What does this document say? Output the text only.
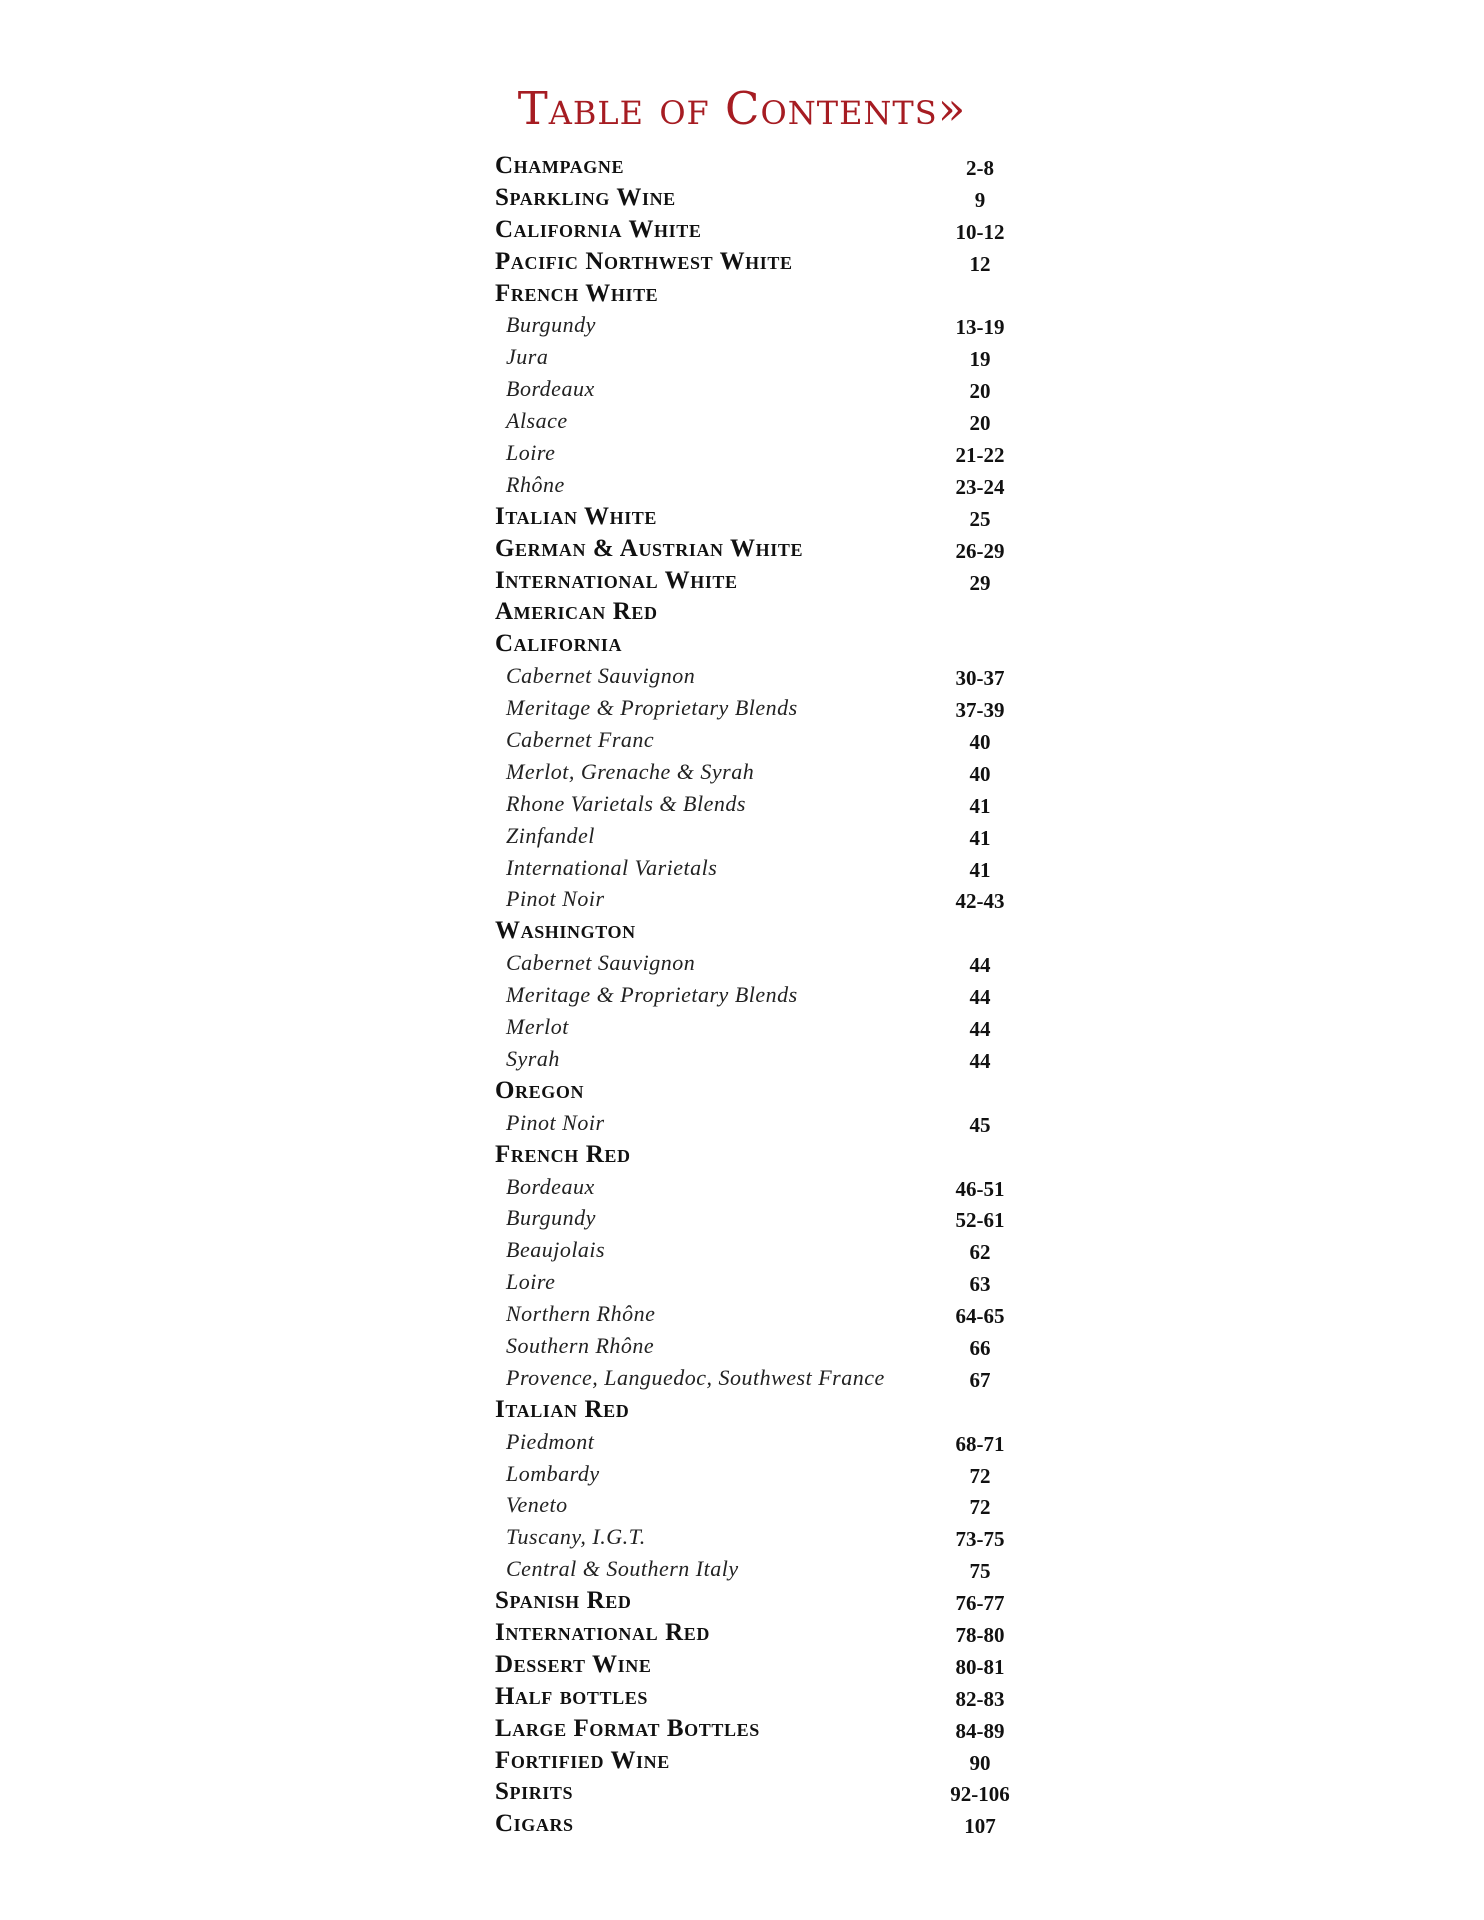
Table of Contents»
Champagne	2-8
Sparkling Wine	9
California White	10-12
Pacific Northwest White	12
French White
Burgundy	13-19
Jura	19
Bordeaux	20
Alsace	20
Loire	21-22
Rhône	23-24
Italian White	25
German & Austrian White	26-29
International White	29
American Red
California
Cabernet Sauvignon	30-37
Meritage & Proprietary Blends	37-39
Cabernet Franc	40
Merlot, Grenache & Syrah	40
Rhone Varietals & Blends	41
Zinfandel	41
International Varietals	41
Pinot Noir	42-43
Washington
Cabernet Sauvignon	44
Meritage & Proprietary Blends	44
Merlot	44
Syrah	44
Oregon
Pinot Noir	45
French Red
Bordeaux	46-51
Burgundy	52-61
Beaujolais	62
Loire	63
Northern Rhône	64-65
Southern Rhône	66
Provence, Languedoc, Southwest France	67
Italian Red
Piedmont	68-71
Lombardy	72
Veneto	72
Tuscany, I.G.T.	73-75
Central & Southern Italy	75
Spanish Red	76-77
International Red	78-80
Dessert Wine	80-81
Half bottles	82-83
Large Format Bottles	84-89
Fortified Wine	90
Spirits	92-106
Cigars	107
